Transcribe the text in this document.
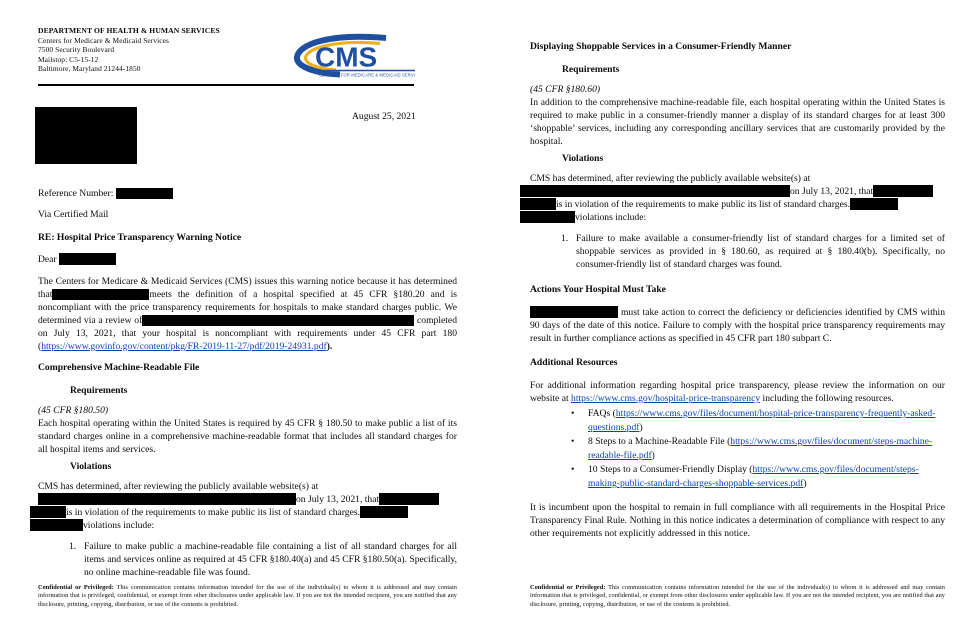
DEPARTMENT OF HEALTH & HUMAN SERVICES
Centers for Medicare & Medicaid Services
7500 Security Boulevard
Mailstop: C5-15-12
Baltimore, Maryland 21244-1850	CMS
CENTERS FOR MEDICARE & MEDICAID SERVICES
August 25, 2021
Reference Number:
Via Certified Mail
RE: Hospital Price Transparency Warning Notice
Dear

The Centers for Medicare & Medicaid Services (CMS) issues this warning notice because it has determined that	meets the definition of a hospital specified at 45 CFR §180.20 and is noncompliant with the price transparency requirements for hospitals to make standard charges public. We determined via a review of	completed on July 13, 2021, that your hospital is noncompliant with requirements under 45 CFR part 180 (https://www.govinfo.gov/content/pkg/FR-2019-11-27/pdf/2019-24931.pdf).

Comprehensive Machine-Readable File
Requirements
(45 CFR §180.50)
Each hospital operating within the United States is required by 45 CFR § 180.50 to make public a list of its standard charges online in a comprehensive machine-readable format that includes all standard charges for all hospital items and services.
Violations
CMS has determined, after reviewing the publicly available website(s) at
on July 13, 2021, that
is in violation of the requirements to make public its list of standard charges.
violations include:
1. Failure to make public a machine-readable file containing a list of all standard charges for all items and services online as required at 45 CFR §180.40(a) and 45 CFR §180.50(a). Specifically, no online machine-readable file was found.
Confidential or Privileged: This communication contains information intended for the use of the individual(s) to whom it is addressed and may contain information that is privileged, confidential, or exempt from other disclosures under applicable law. If you are not the intended recipient, you are notified that any disclosure, printing, copying, distribution, or use of the contents is prohibited.
Displaying Shoppable Services in a Consumer-Friendly Manner
Requirements
(45 CFR §180.60)
In addition to the comprehensive machine-readable file, each hospital operating within the United States is required to make public in a consumer-friendly manner a display of its standard charges for at least 300 ‘shoppable’ services, including any corresponding ancillary services that are customarily provided by the hospital.
Violations
CMS has determined, after reviewing the publicly available website(s) at
on July 13, 2021, that
is in violation of the requirements to make public its list of standard charges.
violations include:
1. Failure to make available a consumer-friendly list of standard charges for a limited set of shoppable services as provided in § 180.60, as required at § 180.40(b). Specifically, no consumer-friendly list of standard charges was found.
Actions Your Hospital Must Take

must take action to correct the deficiency or deficiencies identified by CMS within 90 days of the date of this notice. Failure to comply with the hospital price transparency requirements may result in further compliance actions as specified in 45 CFR part 180 subpart C.

Additional Resources

For additional information regarding hospital price transparency, please review the information on our website at https://www.cms.gov/hospital-price-transparency including the following resources.

• FAQs (https://www.cms.gov/files/document/hospital-price-transparency-frequently-asked-questions.pdf)
• 8 Steps to a Machine-Readable File (https://www.cms.gov/files/document/steps-machine-readable-file.pdf)
• 10 Steps to a Consumer-Friendly Display (https://www.cms.gov/files/document/steps-making-public-standard-charges-shoppable-services.pdf)

It is incumbent upon the hospital to remain in full compliance with all requirements in the Hospital Price Transparency Final Rule. Nothing in this notice indicates a determination of compliance with respect to any other requirements not explicitly addressed in this notice.

Confidential or Privileged: This communication contains information intended for the use of the individual(s) to whom it is addressed and may contain information that is privileged, confidential, or exempt from other disclosures under applicable law. If you are not the intended recipient, you are notified that any disclosure, printing, copying, distribution, or use of the contents is prohibited.
